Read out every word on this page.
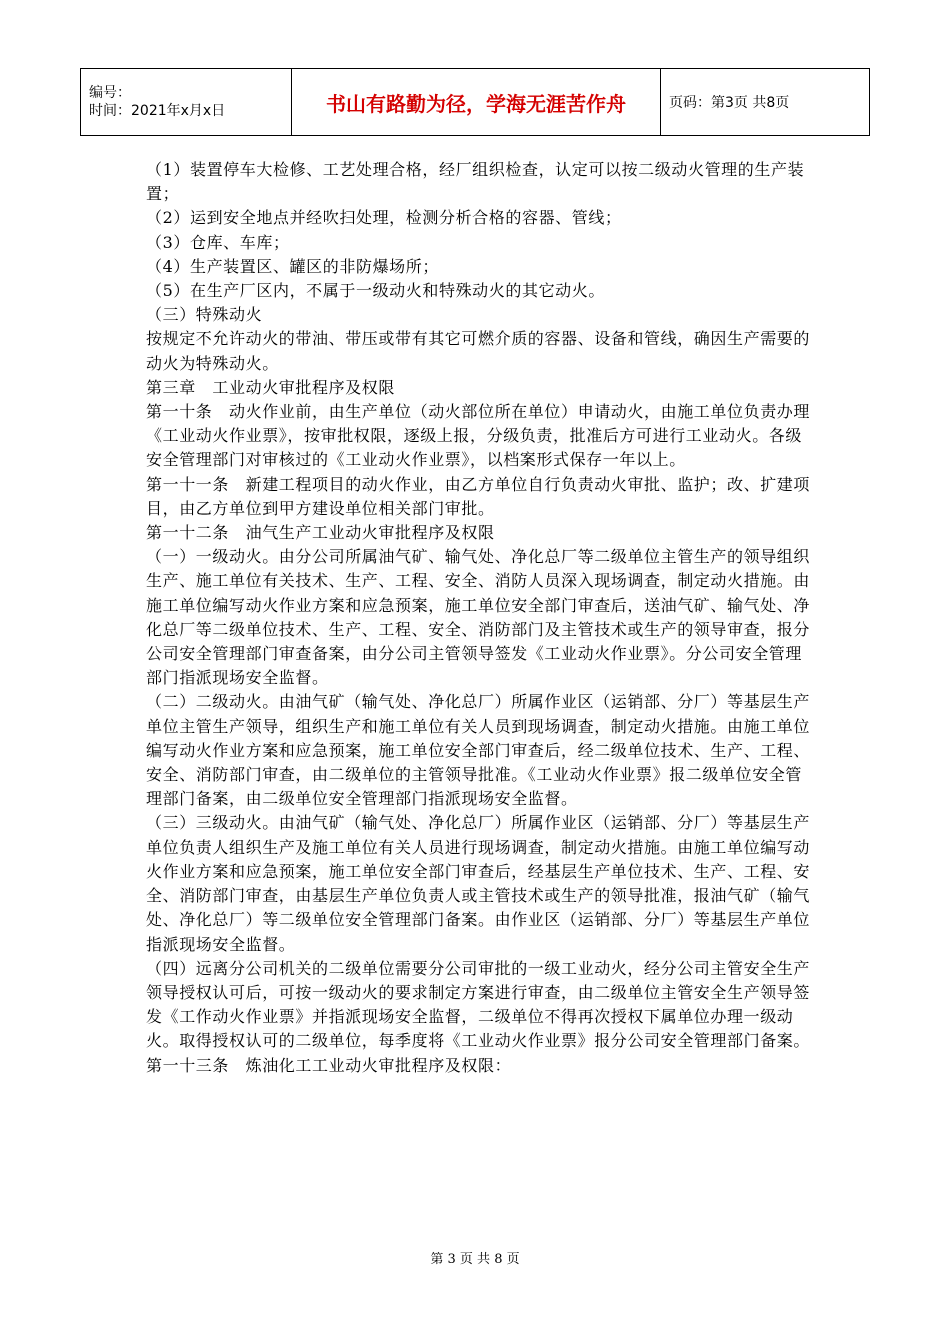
编号：
时间：2021年x月x日	书山有路勤为径，学海无涯苦作舟	页码：第3页 共8页

（1）装置停车大检修、工艺处理合格，经厂组织检查，认定可以按二级动火管理的生产装置；

（2）运到安全地点并经吹扫处理，检测分析合格的容器、管线；

（3）仓库、车库；

（4）生产装置区、罐区的非防爆场所；

（5）在生产厂区内，不属于一级动火和特殊动火的其它动火。

（三）特殊动火

按规定不允许动火的带油、带压或带有其它可燃介质的容器、设备和管线，确因生产需要的动火为特殊动火。

第三章　工业动火审批程序及权限

第一十条　动火作业前，由生产单位（动火部位所在单位）申请动火，由施工单位负责办理《工业动火作业票》，按审批权限，逐级上报，分级负责，批准后方可进行工业动火。各级安全管理部门对审核过的《工业动火作业票》，以档案形式保存一年以上。

第一十一条　新建工程项目的动火作业，由乙方单位自行负责动火审批、监护；改、扩建项目，由乙方单位到甲方建设单位相关部门审批。

第一十二条　油气生产工业动火审批程序及权限

（一）一级动火。由分公司所属油气矿、输气处、净化总厂等二级单位主管生产的领导组织生产、施工单位有关技术、生产、工程、安全、消防人员深入现场调查，制定动火措施。由施工单位编写动火作业方案和应急预案，施工单位安全部门审查后，送油气矿、输气处、净化总厂等二级单位技术、生产、工程、安全、消防部门及主管技术或生产的领导审查，报分公司安全管理部门审查备案，由分公司主管领导签发《工业动火作业票》。分公司安全管理部门指派现场安全监督。

（二）二级动火。由油气矿（输气处、净化总厂）所属作业区（运销部、分厂）等基层生产单位主管生产领导，组织生产和施工单位有关人员到现场调查，制定动火措施。由施工单位编写动火作业方案和应急预案，施工单位安全部门审查后，经二级单位技术、生产、工程、安全、消防部门审查，由二级单位的主管领导批准。《工业动火作业票》报二级单位安全管理部门备案，由二级单位安全管理部门指派现场安全监督。

（三）三级动火。由油气矿（输气处、净化总厂）所属作业区（运销部、分厂）等基层生产单位负责人组织生产及施工单位有关人员进行现场调查，制定动火措施。由施工单位编写动火作业方案和应急预案，施工单位安全部门审查后，经基层生产单位技术、生产、工程、安全、消防部门审查，由基层生产单位负责人或主管技术或生产的领导批准，报油气矿（输气处、净化总厂）等二级单位安全管理部门备案。由作业区（运销部、分厂）等基层生产单位指派现场安全监督。

（四）远离分公司机关的二级单位需要分公司审批的一级工业动火，经分公司主管安全生产领导授权认可后，可按一级动火的要求制定方案进行审查，由二级单位主管安全生产领导签发《工作动火作业票》并指派现场安全监督，二级单位不得再次授权下属单位办理一级动火。取得授权认可的二级单位，每季度将《工业动火作业票》报分公司安全管理部门备案。

第一十三条　炼油化工工业动火审批程序及权限：

第 3 页 共 8 页
